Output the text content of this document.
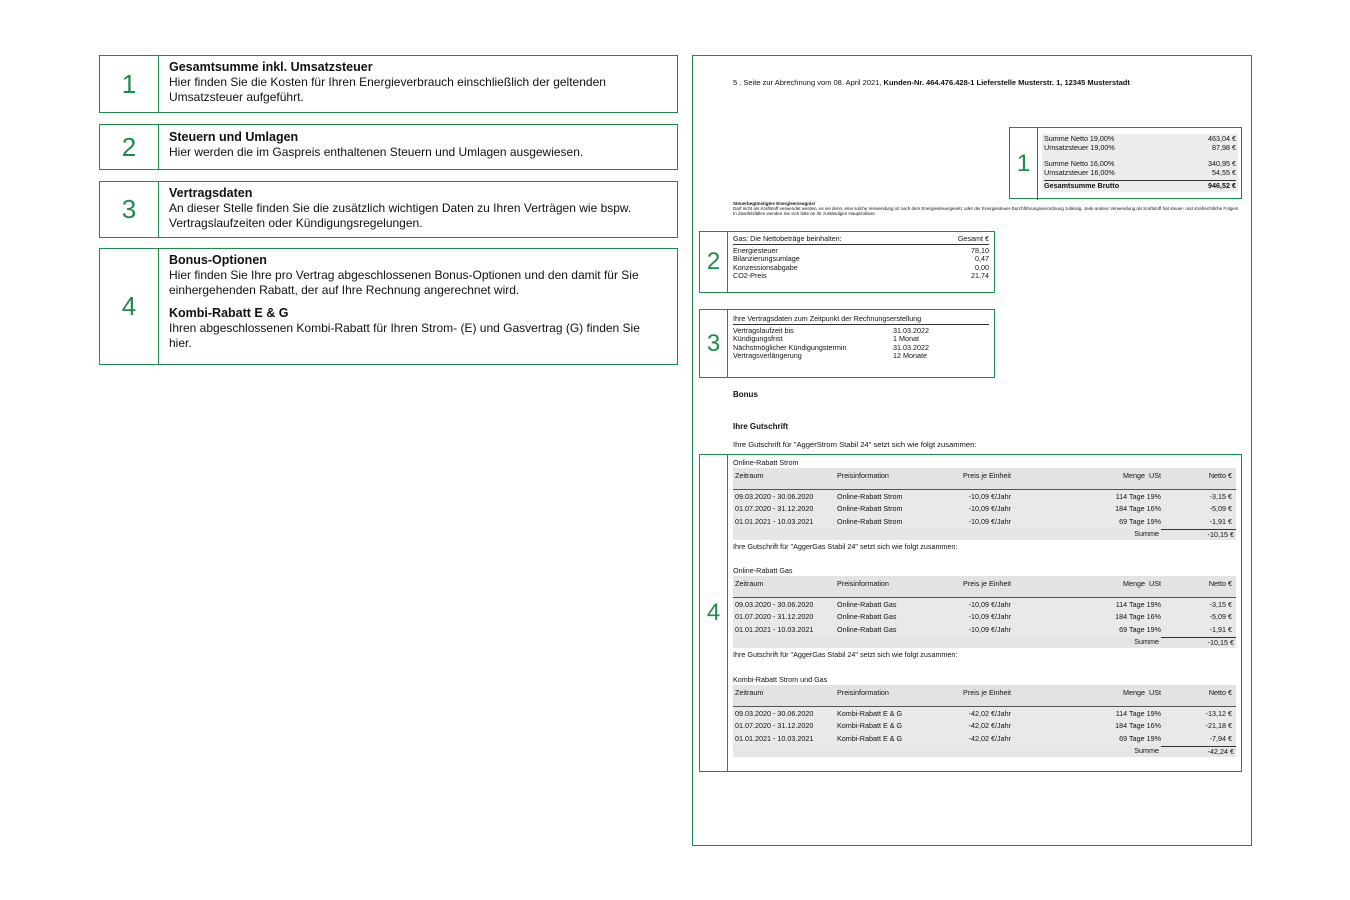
1
Gesamtsumme inkl. Umsatzsteuer
Hier finden Sie die Kosten für Ihren Energieverbrauch einschließlich der geltenden
Umsatzsteuer aufgeführt.
2	Steuern und Umlagen
Hier werden die im Gaspreis enthaltenen Steuern und Umlagen ausgewiesen.
3
Vertragsdaten
An dieser Stelle finden Sie die zusätzlich wichtigen Daten zu Ihren Verträgen wie bspw.
Vertragslaufzeiten oder Kündigungsregelungen.
4
Bonus-Optionen
Hier finden Sie Ihre pro Vertrag abgeschlossenen Bonus-Optionen und den damit für Sie
einhergehenden Rabatt, der auf Ihre Rechnung angerechnet wird.
Kombi-Rabatt E & G
Ihren abgeschlossenen Kombi-Rabatt für Ihren Strom- (E) und Gasvertrag (G) finden Sie
hier.
5 . Seite zur Abrechnung vom 08. April 2021, Kunden-Nr. 464.476.428-1 Lieferstelle Musterstr. 1, 12345 Musterstadt
1
Summe Netto 19,00%	463,04 €
Umsatzsteuer 19,00%	87,98 €
Summe Netto 16,00%	340,95 €
Umsatzsteuer 16,00%	54,55 €
Gesamtsumme Brutto	946,52 €
Steuerbegünstigtes Energieerzeugnis!
Darf nicht als Kraftstoff verwendet werden, es sei denn, eine solche Verwendung ist nach dem Energiesteuergesetz oder der Energiesteuer-Durchführungsverordnung zulässig. Jede andere Verwendung als Kraftstoff hat steuer- und strafrechtliche Folgen! In Zweifelsfällen wenden Sie sich bitte an Ihr zuständiges Hauptzollamt.
2
Gas: Die Nettobeträge beinhalten:	Gesamt €
Energiesteuer	78,10
Bilanzierungsumlage	0,47
Konzessionsabgabe	0,00
CO2-Preis	21,74
3
Ihre Vertragsdaten zum Zeitpunkt der Rechnungserstellung
Vertragslaufzeit bis	31.03.2022
Kündigungsfrist	1 Monat
Nächstmöglicher Kündigungstermin	31.03.2022
Vertragsverlängerung	12 Monate
Bonus
Ihre Gutschrift
Ihre Gutschrift für "AggerStrom Stabil 24" setzt sich wie folgt zusammen:
4
Online-Rabatt Strom
Zeitraum	Preisinformation	Preis je Einheit	Menge USt	Netto €
09.03.2020 - 30.06.2020	Online-Rabatt Strom	-10,09 €/Jahr	114 Tage 19%	-3,15 €
01.07.2020 - 31.12.2020	Online-Rabatt Strom	-10,09 €/Jahr	184 Tage 16%	-5,09 €
01.01.2021 - 10.03.2021	Online-Rabatt Strom	-10,09 €/Jahr	69 Tage 19%	-1,91 €
Summe	-10,15 €
Ihre Gutschrift für "AggerGas Stabil 24" setzt sich wie folgt zusammen:
Online-Rabatt Gas
Zeitraum	Preisinformation	Preis je Einheit	Menge USt	Netto €
09.03.2020 - 30.06.2020	Online-Rabatt Gas	-10,09 €/Jahr	114 Tage 19%	-3,15 €
01.07.2020 - 31.12.2020	Online-Rabatt Gas	-10,09 €/Jahr	184 Tage 16%	-5,09 €
01.01.2021 - 10.03.2021	Online-Rabatt Gas	-10,09 €/Jahr	69 Tage 19%	-1,91 €
Summe	-10,15 €
Ihre Gutschrift für "AggerGas Stabil 24" setzt sich wie folgt zusammen:
Kombi-Rabatt Strom und Gas
Zeitraum	Preisinformation	Preis je Einheit	Menge USt	Netto €
09.03.2020 - 30.06.2020	Kombi-Rabatt E & G	-42,02 €/Jahr	114 Tage 19%	-13,12 €
01.07.2020 - 31.12.2020	Kombi-Rabatt E & G	-42,02 €/Jahr	184 Tage 16%	-21,18 €
01.01.2021 - 10.03.2021	Kombi-Rabatt E & G	-42,02 €/Jahr	69 Tage 19%	-7,94 €
Summe	-42,24 €
